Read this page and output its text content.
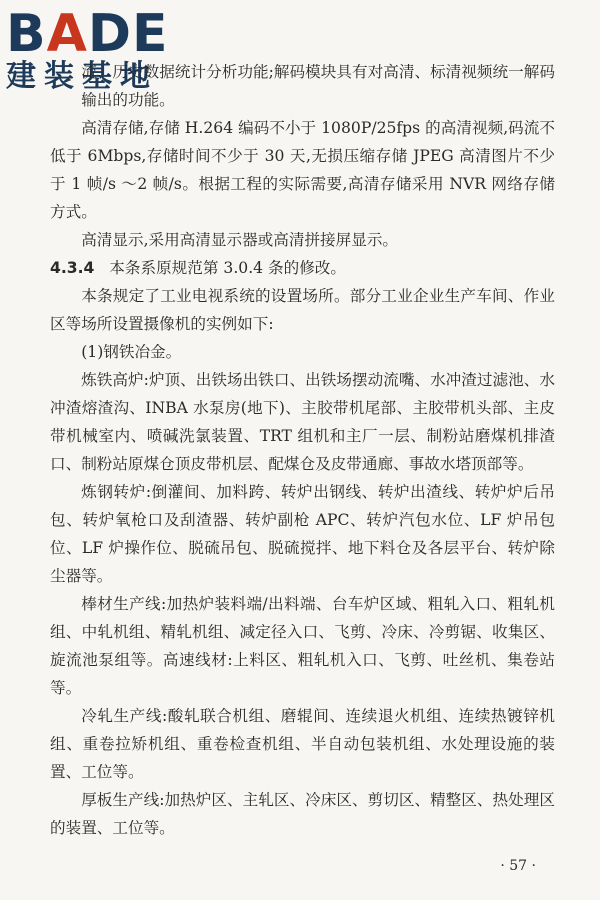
BADE
建装基地

流、历史数据统计分析功能;解码模块具有对高清、标清视频统一解码输出的功能。

高清存储,存储 H.264 编码不小于 1080P/25fps 的高清视频,码流不低于 6Mbps,存储时间不少于 30 天,无损压缩存储 JPEG 高清图片不少于 1 帧/s ～2 帧/s。根据工程的实际需要,高清存储采用 NVR 网络存储方式。

高清显示,采用高清显示器或高清拼接屏显示。

4.3.4 本条系原规范第 3.0.4 条的修改。

本条规定了工业电视系统的设置场所。部分工业企业生产车间、作业区等场所设置摄像机的实例如下:

(1)钢铁冶金。

炼铁高炉:炉顶、出铁场出铁口、出铁场摆动流嘴、水冲渣过滤池、水冲渣熔渣沟、INBA 水泵房(地下)、主胶带机尾部、主胶带机头部、主皮带机械室内、喷碱洗氯装置、TRT 组机和主厂一层、制粉站磨煤机排渣口、制粉站原煤仓顶皮带机层、配煤仓及皮带通廊、事故水塔顶部等。

炼钢转炉:倒灌间、加料跨、转炉出钢线、转炉出渣线、转炉炉后吊包、转炉氧枪口及刮渣器、转炉副枪 APC、转炉汽包水位、LF 炉吊包位、LF 炉操作位、脱硫吊包、脱硫搅拌、地下料仓及各层平台、转炉除尘器等。

棒材生产线:加热炉装料端/出料端、台车炉区域、粗轧入口、粗轧机组、中轧机组、精轧机组、减定径入口、飞剪、冷床、冷剪锯、收集区、旋流池泵组等。高速线材:上料区、粗轧机入口、飞剪、吐丝机、集卷站等。

冷轧生产线:酸轧联合机组、磨辊间、连续退火机组、连续热镀锌机组、重卷拉矫机组、重卷检查机组、半自动包装机组、水处理设施的装置、工位等。

厚板生产线:加热炉区、主轧区、冷床区、剪切区、精整区、热处理区的装置、工位等。

· 57 ·
